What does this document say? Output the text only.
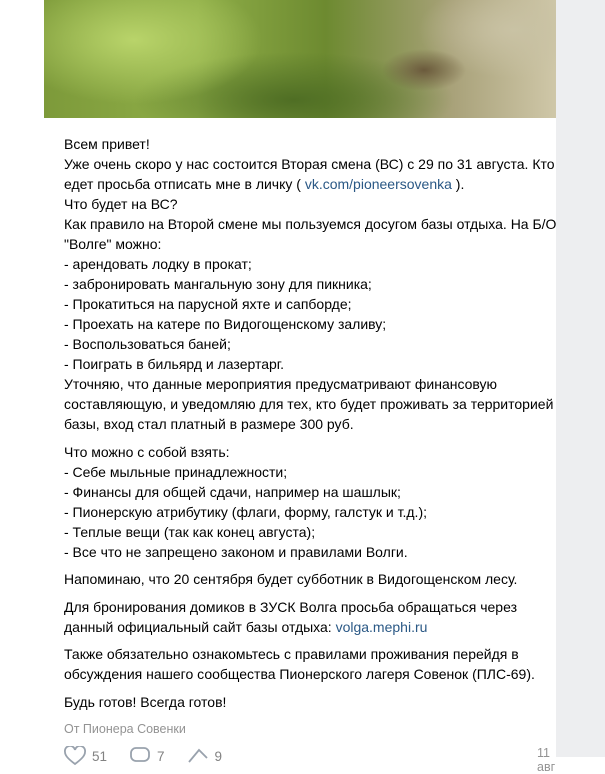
Всем привет!
Уже очень скоро у нас состоится Вторая смена (ВС) с 29 по 31 августа. Кто
едет просьба отписать мне в личку ( vk.com/pioneersovenka ).
Что будет на ВС?
Как правило на Второй смене мы пользуемся досугом базы отдыха. На Б/О
"Волге" можно:
- арендовать лодку в прокат;
- забронировать мангальную зону для пикника;
- Прокатиться на парусной яхте и сапборде;
- Проехать на катере по Видогощенскому заливу;
- Воспользоваться баней;
- Поиграть в бильярд и лазертарг.
Уточняю, что данные мероприятия предусматривают финансовую
составляющую, и уведомляю для тех, кто будет проживать за территорией
базы, вход стал платный в размере 300 руб.

Что можно с собой взять:
- Себе мыльные принадлежности;
- Финансы для общей сдачи, например на шашлык;
- Пионерскую атрибутику (флаги, форму, галстук и т.д.);
- Теплые вещи (так как конец августа);
- Все что не запрещено законом и правилами Волги.

Напоминаю, что 20 сентября будет субботник в Видогощенском лесу.

Для бронирования домиков в ЗУСК Волга просьба обращаться через
данный официальный сайт базы отдыха: volga.mephi.ru

Также обязательно ознакомьтесь с правилами проживания перейдя в
обсуждения нашего сообщества Пионерского лагеря Совенок (ПЛС-69).

Будь готов! Всегда готов!

От Пионера Совенки
51	7	9	11 авг
